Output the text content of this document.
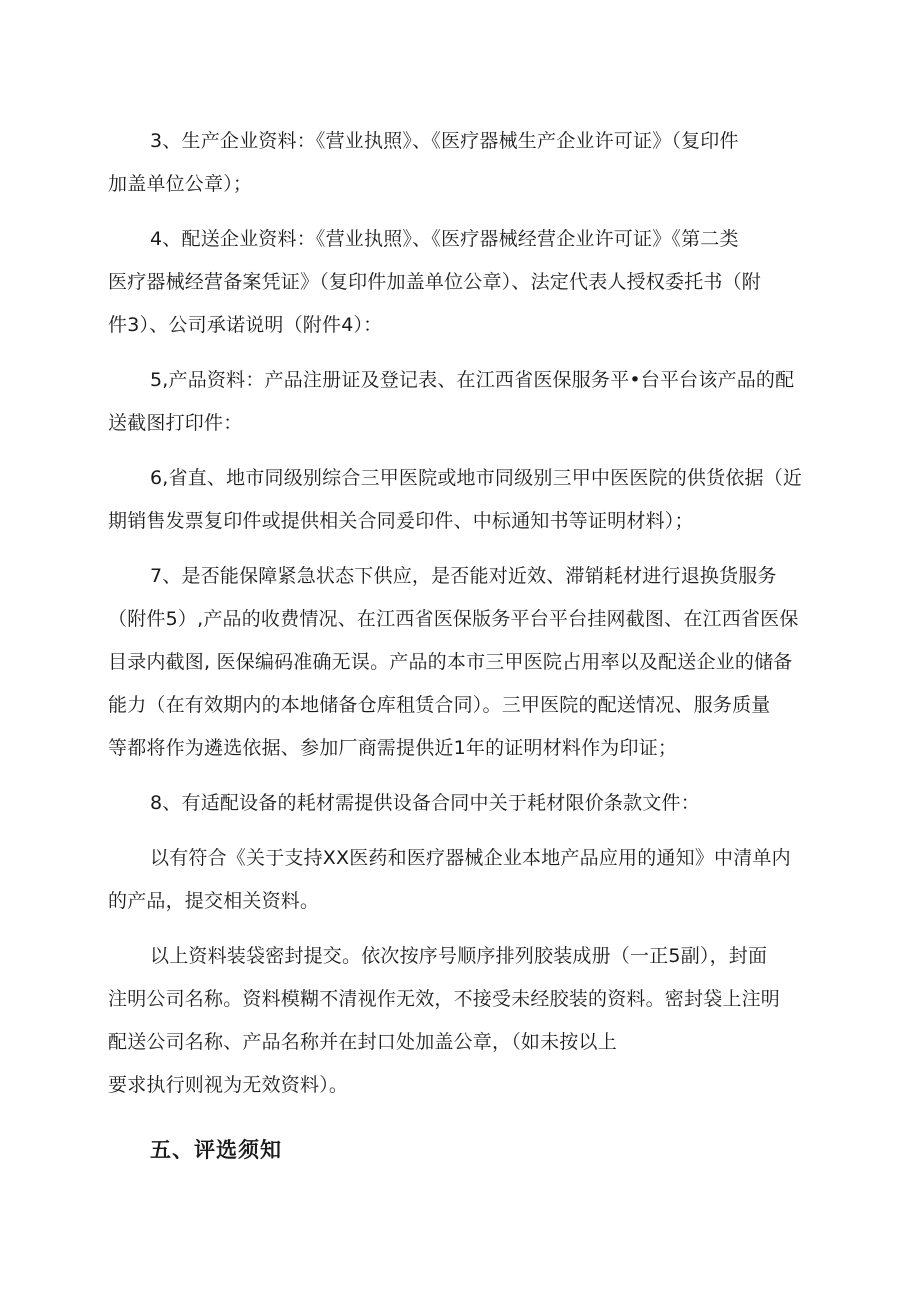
3、生产企业资料：《营业执照》、《医疗器械生产企业许可证》（复印件
加盖单位公章）；
4、配送企业资料：《营业执照》、《医疗器械经营企业许可证》《第二类
医疗器械经营备案凭证》（复印件加盖单位公章）、法定代表人授权委托书（附
件3）、公司承诺说明（附件4）：
5,产品资料：产品注册证及登记表、在江西省医保服务平•台平台该产品的配
送截图打印件：
6,省直、地市同级别综合三甲医院或地市同级别三甲中医医院的供货依据（近
期销售发票复印件或提供相关合同爰印件、中标通知书等证明材料）；
7、是否能保障紧急状态下供应，是否能对近效、滞销耗材进行退换货服务
（附件5）,产品的收费情况、在江西省医保版务平台平台挂网截图、在江西省医保
目录内截图, 医保编码准确无误。产品的本市三甲医院占用率以及配送企业的储备
能力（在有效期内的本地储备仓库租赁合同）。三甲医院的配送情况、服务质量
等都将作为遴选依据、参加厂商需提供近1年的证明材料作为印证；
8、有适配设备的耗材需提供设备合同中关于耗材限价条款文件：
以有符合《关于支持XX医药和医疗器械企业本地产品应用的通知》中清单内
的产品，提交相关资料。
以上资料装袋密封提交。依次按序号顺序排列胶装成册（一正5副），封面
注明公司名称。资料模糊不清视作无效，不接受未经胶装的资料。密封袋上注明
配送公司名称、产品名称并在封口处加盖公章，（如未按以上
要求执行则视为无效资料）。
五、评选须知
